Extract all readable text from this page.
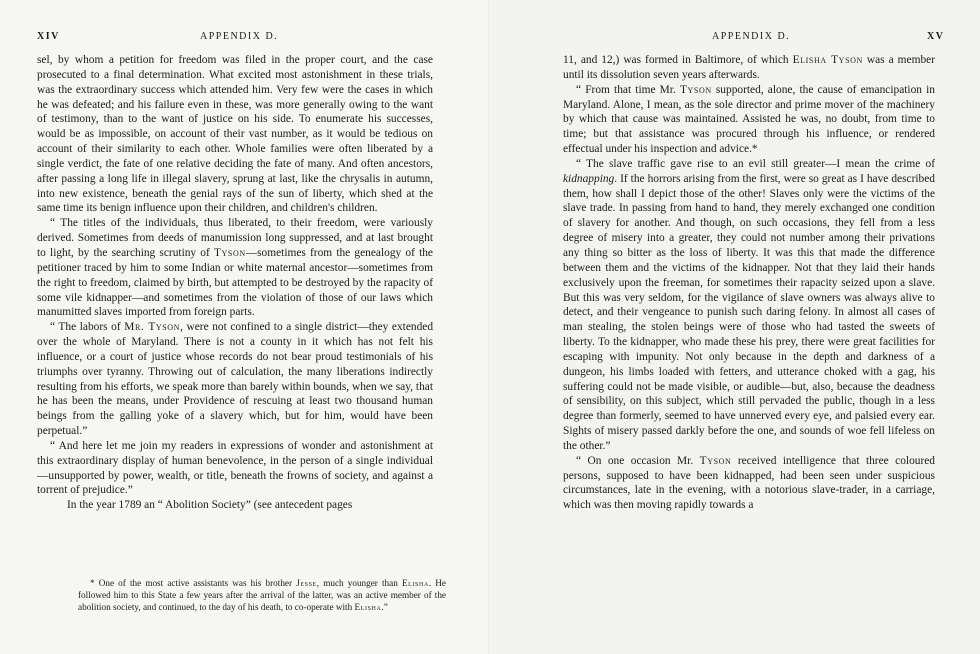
XIV	APPENDIX D.

sel, by whom a petition for freedom was filed in the proper court, and the case prosecuted to a final determination. What excited most astonishment in these trials, was the extraordinary success which attended him. Very few were the cases in which he was defeated; and his failure even in these, was more generally owing to the want of testimony, than to the want of justice on his side. To enumerate his successes, would be as impossible, on account of their vast number, as it would be tedious on account of their similarity to each other. Whole families were often liberated by a single verdict, the fate of one relative deciding the fate of many. And often ancestors, after passing a long life in illegal slavery, sprung at last, like the chrysalis in autumn, into new existence, beneath the genial rays of the sun of liberty, which shed at the same time its benign influence upon their children, and children's children.

“ The titles of the individuals, thus liberated, to their freedom, were variously derived. Sometimes from deeds of manumission long suppressed, and at last brought to light, by the searching scrutiny of Tyson—sometimes from the genealogy of the petitioner traced by him to some Indian or white maternal ancestor—sometimes from the right to freedom, claimed by birth, but attempted to be destroyed by the rapacity of some vile kidnapper—and sometimes from the violation of those of our laws which manumitted slaves imported from foreign parts.

“ The labors of Mr. Tyson, were not confined to a single district—they extended over the whole of Maryland. There is not a county in it which has not felt his influence, or a court of justice whose records do not bear proud testimonials of his triumphs over tyranny. Throwing out of calculation, the many liberations indirectly resulting from his efforts, we speak more than barely within bounds, when we say, that he has been the means, under Providence of rescuing at least two thousand human beings from the galling yoke of a slavery which, but for him, would have been perpetual.”

“ And here let me join my readers in expressions of wonder and astonishment at this extraordinary display of human benevolence, in the person of a single individual—unsupported by power, wealth, or title, beneath the frowns of society, and against a torrent of prejudice.”

In the year 1789 an “ Abolition Society” (see antecedent pages

APPENDIX D.	XV

11, and 12,) was formed in Baltimore, of which Elisha Tyson was a member until its dissolution seven years afterwards.

“ From that time Mr. Tyson supported, alone, the cause of emancipation in Maryland. Alone, I mean, as the sole director and prime mover of the machinery by which that cause was maintained. Assisted he was, no doubt, from time to time; but that assistance was procured through his influence, or rendered effectual under his inspection and advice.*

“ The slave traffic gave rise to an evil still greater—I mean the crime of kidnapping. If the horrors arising from the first, were so great as I have described them, how shall I depict those of the other! Slaves only were the victims of the slave trade. In passing from hand to hand, they merely exchanged one condition of slavery for another. And though, on such occasions, they fell from a less degree of misery into a greater, they could not number among their privations any thing so bitter as the loss of liberty. It was this that made the difference between them and the victims of the kidnapper. Not that they laid their hands exclusively upon the freeman, for sometimes their rapacity seized upon a slave. But this was very seldom, for the vigilance of slave owners was always alive to detect, and their vengeance to punish such daring felony. In almost all cases of man stealing, the stolen beings were of those who had tasted the sweets of liberty. To the kidnapper, who made these his prey, there were great facilities for escaping with impunity. Not only because in the depth and darkness of a dungeon, his limbs loaded with fetters, and utterance choked with a gag, his suffering could not be made visible, or audible—but, also, because the deadness of sensibility, on this subject, which still pervaded the public, though in a less degree than formerly, seemed to have unnerved every eye, and palsied every ear. Sights of misery passed darkly before the one, and sounds of woe fell lifeless on the other.”

“ On one occasion Mr. Tyson received intelligence that three coloured persons, supposed to have been kidnapped, had been seen under suspicious circumstances, late in the evening, with a notorious slave-trader, in a carriage, which was then moving rapidly towards a

* One of the most active assistants was his brother Jesse, much younger than Elisha. He followed him to this State a few years after the arrival of the latter, was an active member of the abolition society, and continued, to the day of his death, to co-operate with Elisha.”
